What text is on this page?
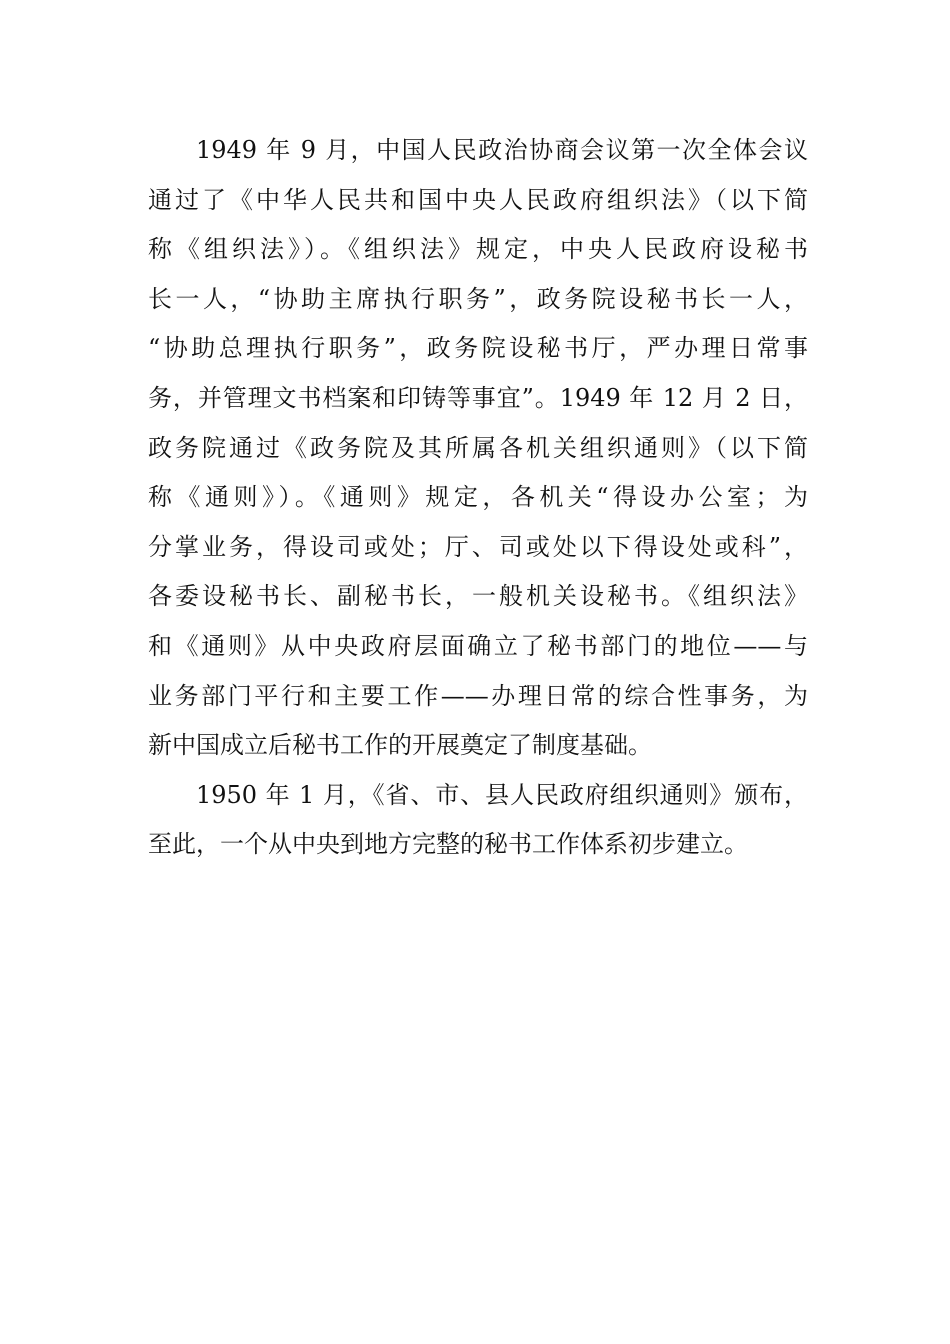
1949 年 9 月，中国人民政治协商会议第一次全体会议
通过了《中华人民共和国中央人民政府组织法》（以下简
称《组织法》）。《组织法》规定，中央人民政府设秘书
长一人，“协助主席执行职务”，政务院设秘书长一人，
“协助总理执行职务”，政务院设秘书厅，严办理日常事
务，并管理文书档案和印铸等事宜”。1949 年 12 月 2 日，
政务院通过《政务院及其所属各机关组织通则》（以下简
称《通则》）。《通则》规定，各机关“得设办公室；为
分掌业务，得设司或处；厅、司或处以下得设处或科”，
各委设秘书长、副秘书长，一般机关设秘书。《组织法》
和《通则》从中央政府层面确立了秘书部门的地位——与
业务部门平行和主要工作——办理日常的综合性事务，为
新中国成立后秘书工作的开展奠定了制度基础。
1950 年 1 月，《省、市、县人民政府组织通则》颁布，
至此，一个从中央到地方完整的秘书工作体系初步建立。
